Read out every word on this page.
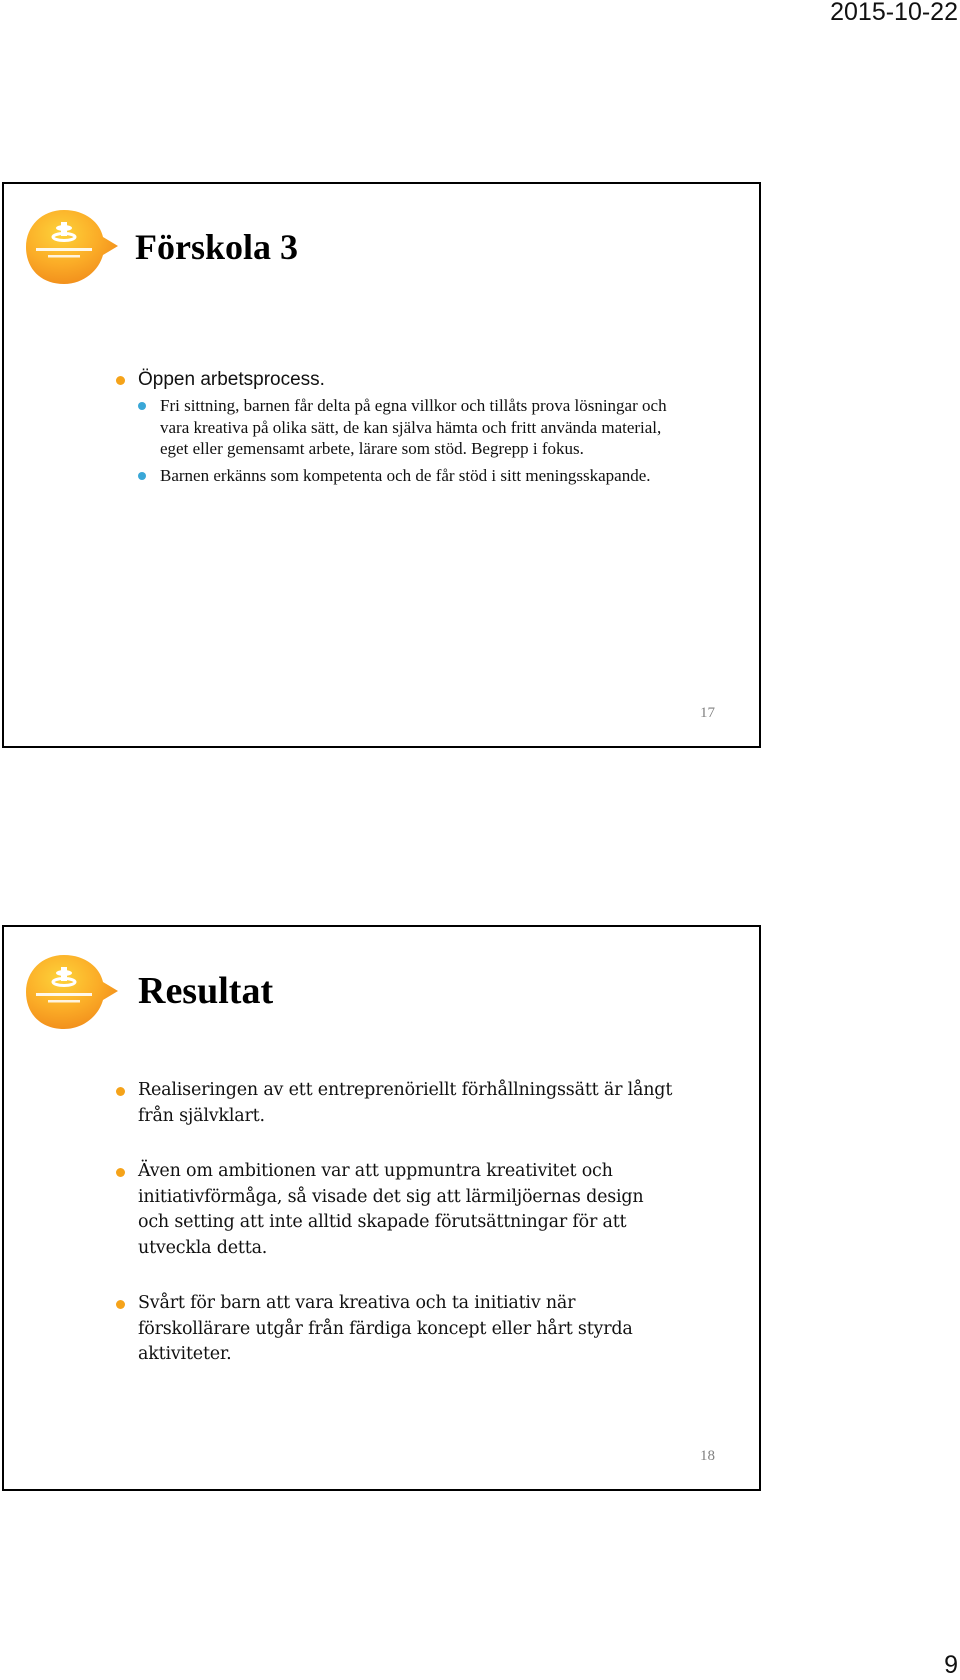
2015-10-22
Förskola 3
Öppen arbetsprocess.
Fri sittning, barnen får delta på egna villkor och tillåts prova lösningar och vara kreativa på olika sätt, de kan själva hämta och fritt använda material, eget eller gemensamt arbete, lärare som stöd. Begrepp i fokus.
Barnen erkänns som kompetenta och de får stöd i sitt meningsskapande.
17
Resultat
Realiseringen av ett entreprenöriellt förhållningssätt är långt från självklart.
Även om ambitionen var att uppmuntra kreativitet och initiativförmåga, så visade det sig att lärmiljöernas design och setting att inte alltid skapade förutsättningar för att utveckla detta.
Svårt för barn att vara kreativa och ta initiativ när förskollärare utgår från färdiga koncept eller hårt styrda aktiviteter.
18
9
